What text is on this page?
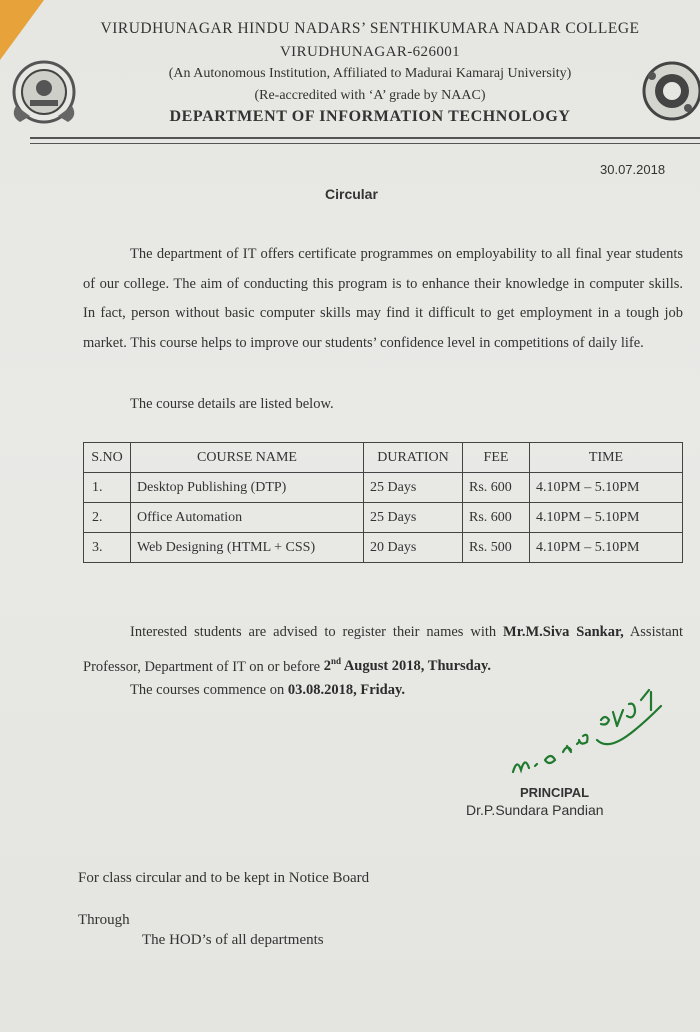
VIRUDHUNAGAR HINDU NADARS’ SENTHIKUMARA NADAR COLLEGE
VIRUDHUNAGAR-626001
(An Autonomous Institution, Affiliated to Madurai Kamaraj University)
(Re-accredited with ‘A’ grade by NAAC)
DEPARTMENT OF INFORMATION TECHNOLOGY
30.07.2018
Circular
The department of IT offers certificate programmes on employability to all final year students of our college. The aim of conducting this program is to enhance their knowledge in computer skills. In fact, person without basic computer skills may find it difficult to get employment in a tough job market. This course helps to improve our students’ confidence level in competitions of daily life.
The course details are listed below.
S.NO	COURSE NAME	DURATION	FEE	TIME
1.	Desktop Publishing (DTP)	25 Days	Rs. 600	4.10PM – 5.10PM
2.	Office Automation	25 Days	Rs. 600	4.10PM – 5.10PM
3.	Web Designing (HTML + CSS)	20 Days	Rs. 500	4.10PM – 5.10PM
Interested students are advised to register their names with Mr.M.Siva Sankar, Assistant Professor, Department of IT on or before 2nd August 2018, Thursday.
The courses commence on 03.08.2018, Friday.
PRINCIPAL
Dr.P.Sundara Pandian
For class circular and to be kept in Notice Board
Through
The HOD’s of all departments
